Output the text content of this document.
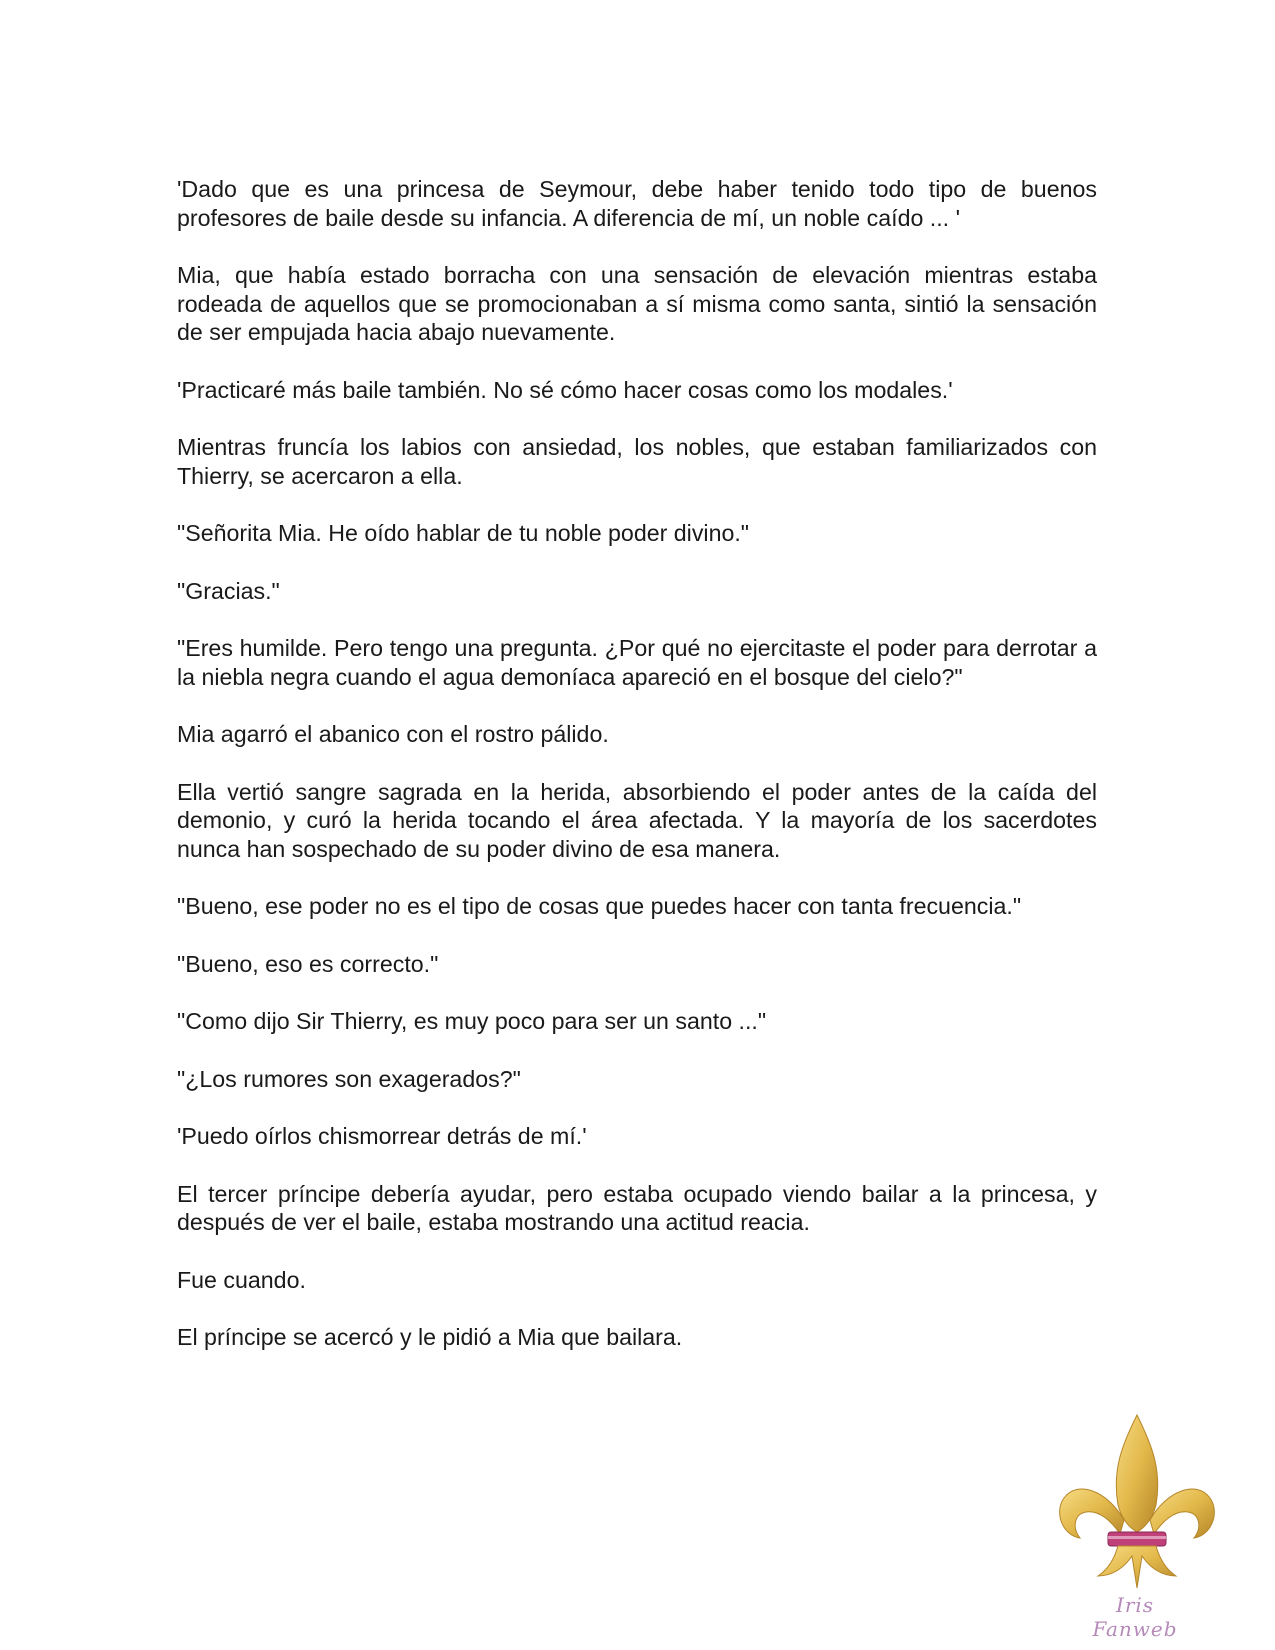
'Dado que es una princesa de Seymour, debe haber tenido todo tipo de buenos profesores de baile desde su infancia. A diferencia de mí, un noble caído ... '

Mia, que había estado borracha con una sensación de elevación mientras estaba rodeada de aquellos que se promocionaban a sí misma como santa, sintió la sensación de ser empujada hacia abajo nuevamente.

'Practicaré más baile también. No sé cómo hacer cosas como los modales.'

Mientras fruncía los labios con ansiedad, los nobles, que estaban familiarizados con Thierry, se acercaron a ella.

"Señorita Mia. He oído hablar de tu noble poder divino."

"Gracias."

"Eres humilde. Pero tengo una pregunta. ¿Por qué no ejercitaste el poder para derrotar a la niebla negra cuando el agua demoníaca apareció en el bosque del cielo?"

Mia agarró el abanico con el rostro pálido.

Ella vertió sangre sagrada en la herida, absorbiendo el poder antes de la caída del demonio, y curó la herida tocando el área afectada. Y la mayoría de los sacerdotes nunca han sospechado de su poder divino de esa manera.

"Bueno, ese poder no es el tipo de cosas que puedes hacer con tanta frecuencia."

"Bueno, eso es correcto."

"Como dijo Sir Thierry, es muy poco para ser un santo ..."

"¿Los rumores son exagerados?"

'Puedo oírlos chismorrear detrás de mí.'

El tercer príncipe debería ayudar, pero estaba ocupado viendo bailar a la princesa, y después de ver el baile, estaba mostrando una actitud reacia.

Fue cuando.

El príncipe se acercó y le pidió a Mia que bailara.

Iris Fanweb
